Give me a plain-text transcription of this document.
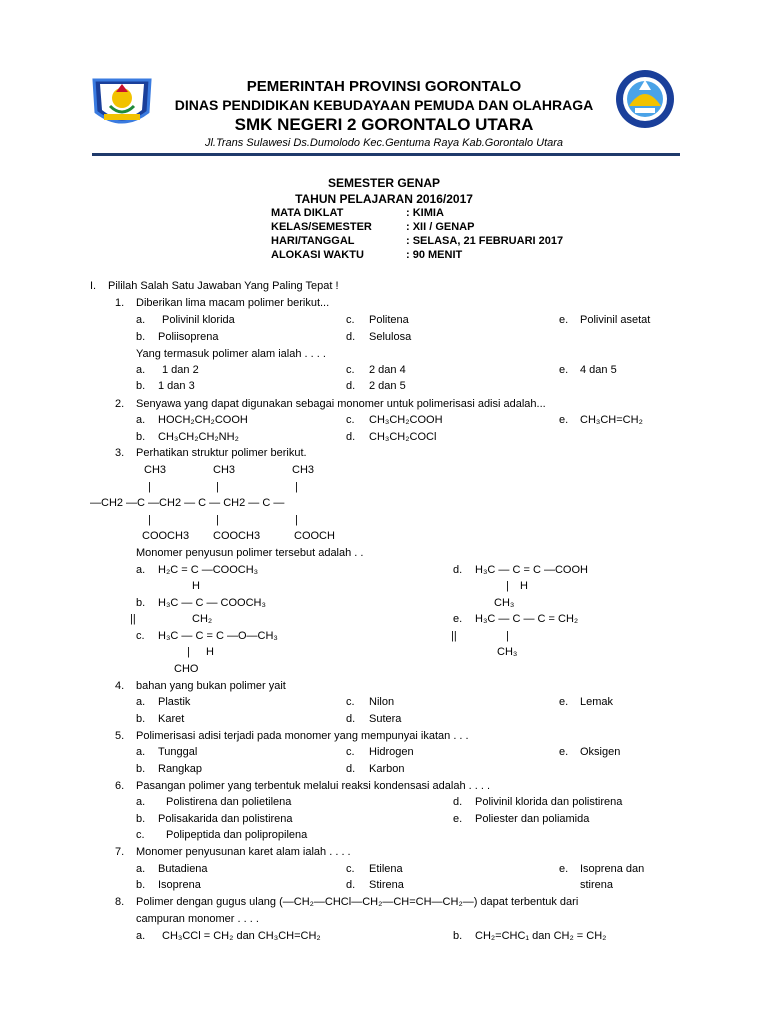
PEMERINTAH PROVINSI GORONTALO
DINAS PENDIDIKAN KEBUDAYAAN PEMUDA DAN OLAHRAGA
SMK NEGERI 2 GORONTALO UTARA
Jl.Trans Sulawesi Ds.Dumolodo Kec.Gentuma Raya Kab.Gorontalo Utara
SEMESTER GENAP
TAHUN PELAJARAN 2016/2017
MATA DIKLAT	: KIMIA
KELAS/SEMESTER	: XII / GENAP
HARI/TANGGAL	: SELASA, 21 FEBRUARI 2017
ALOKASI WAKTU	: 90 MENIT
I. Pililah Salah Satu Jawaban Yang Paling Tepat !
1. Diberikan lima macam polimer berikut...
a. Polivinil klorida	c. Politena	e. Polivinil asetat
b. Poliisoprena	d. Selulosa
Yang termasuk polimer alam ialah . . . .
a. 1 dan 2	c. 2 dan 4	e. 4 dan 5
b. 1 dan 3	d. 2 dan 5
2. Senyawa yang dapat digunakan sebagai monomer untuk polimerisasi adisi adalah...
a. HOCH₂CH₂COOH	c. CH₃CH₂COOH	e. CH₃CH=CH₂
b. CH₃CH₂CH₂NH₂	d. CH₃CH₂COCl
3. Perhatikan struktur polimer berikut.
CH3	CH3	CH3
|	|	|
—CH2 —C —CH2 — C — CH2 — C —
|	|	|
COOCH3 COOCH3	COOCH
Monomer penyusun polimer tersebut adalah . .
a. H₂C = C —COOCH₃
H
b. H₃C — C — COOCH₃
||	CH₂
c. H₃C — C = C —O—CH₃
| H
CHO
d. H₃C — C = C —COOH
| H
CH₃
e. H₃C — C — C = CH₂
||	|
CH₃
4. bahan yang bukan polimer yait
a. Plastik	c. Nilon	e. Lemak
b. Karet	d. Sutera
5. Polimerisasi adisi terjadi pada monomer yang mempunyai ikatan . . .
a. Tunggal	c. Hidrogen	e. Oksigen
b. Rangkap	d. Karbon
6. Pasangan polimer yang terbentuk melalui reaksi kondensasi adalah . . . .
a. Polistirena dan polietilena	d. Polivinil klorida dan polistirena
b. Polisakarida dan polistirena	e. Poliester dan poliamida
c. Polipeptida dan polipropilena
7. Monomer penyusunan karet alam ialah . . . .
a. Butadiena	c. Etilena	e. Isoprena dan
b. Isoprena	d. Stirena	stirena
8. Polimer dengan gugus ulang (—CH₂—CHCl—CH₂—CH=CH—CH₂—) dapat terbentuk dari
campuran monomer . . . .
a. CH₃CCl = CH₂ dan CH₃CH=CH₂	b. CH₂=CHC₁ dan CH₂ = CH₂
